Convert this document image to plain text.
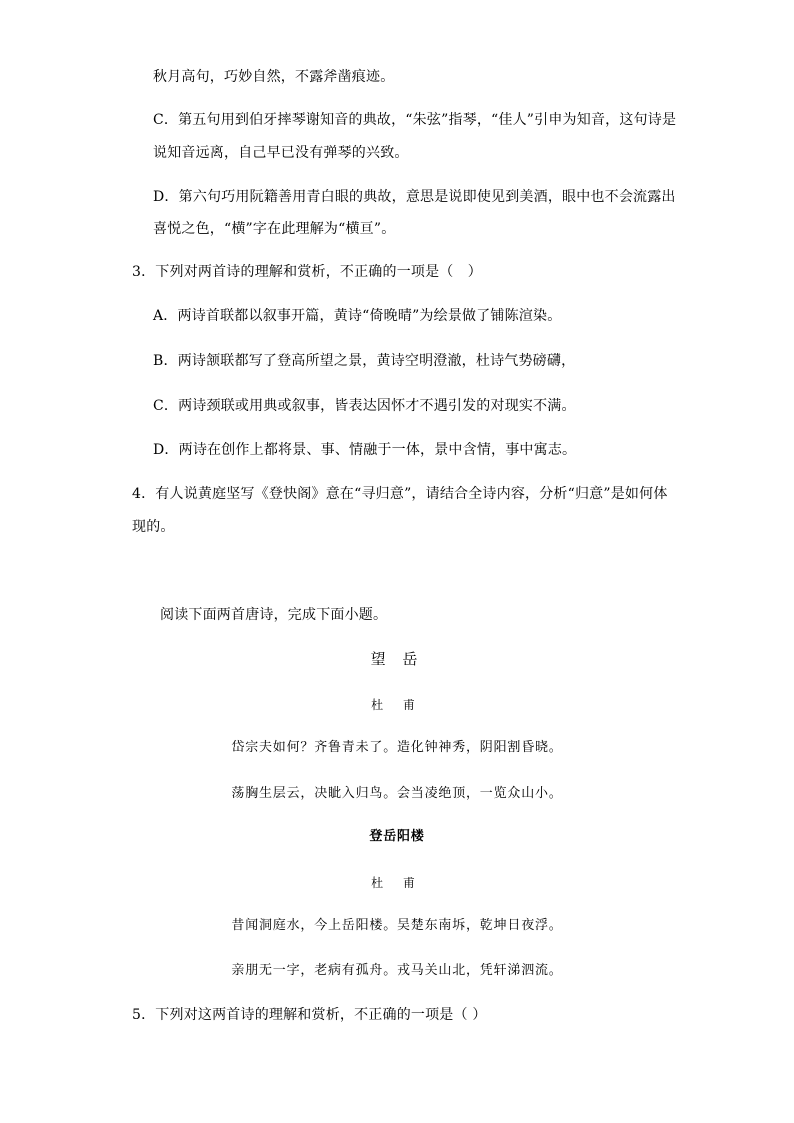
秋月高句，巧妙自然，不露斧凿痕迹。
C．第五句用到伯牙摔琴谢知音的典故，“朱弦”指琴，“佳人”引申为知音，这句诗是
说知音远离，自己早已没有弹琴的兴致。
D．第六句巧用阮籍善用青白眼的典故，意思是说即使见到美酒，眼中也不会流露出
喜悦之色，“横”字在此理解为“横亘”。
3．下列对两首诗的理解和赏析，不正确的一项是（　）
A．两诗首联都以叙事开篇，黄诗“倚晚晴”为绘景做了铺陈渲染。
B．两诗颔联都写了登高所望之景，黄诗空明澄澈，杜诗气势磅礴，
C．两诗颈联或用典或叙事，皆表达因怀才不遇引发的对现实不满。
D．两诗在创作上都将景、事、情融于一体，景中含情，事中寓志。
4．有人说黄庭坚写《登快阁》意在“寻归意”，请结合全诗内容，分析“归意”是如何体
现的。
阅读下面两首唐诗，完成下面小题。
望 岳
杜 甫
岱宗夫如何？齐鲁青未了。造化钟神秀，阴阳割昏晓。
荡胸生层云，决眦入归鸟。会当凌绝顶，一览众山小。
登岳阳楼
杜 甫
昔闻洞庭水，今上岳阳楼。吴楚东南坼，乾坤日夜浮。
亲朋无一字，老病有孤舟。戎马关山北，凭轩涕泗流。
5．下列对这两首诗的理解和赏析，不正确的一项是（ ）
